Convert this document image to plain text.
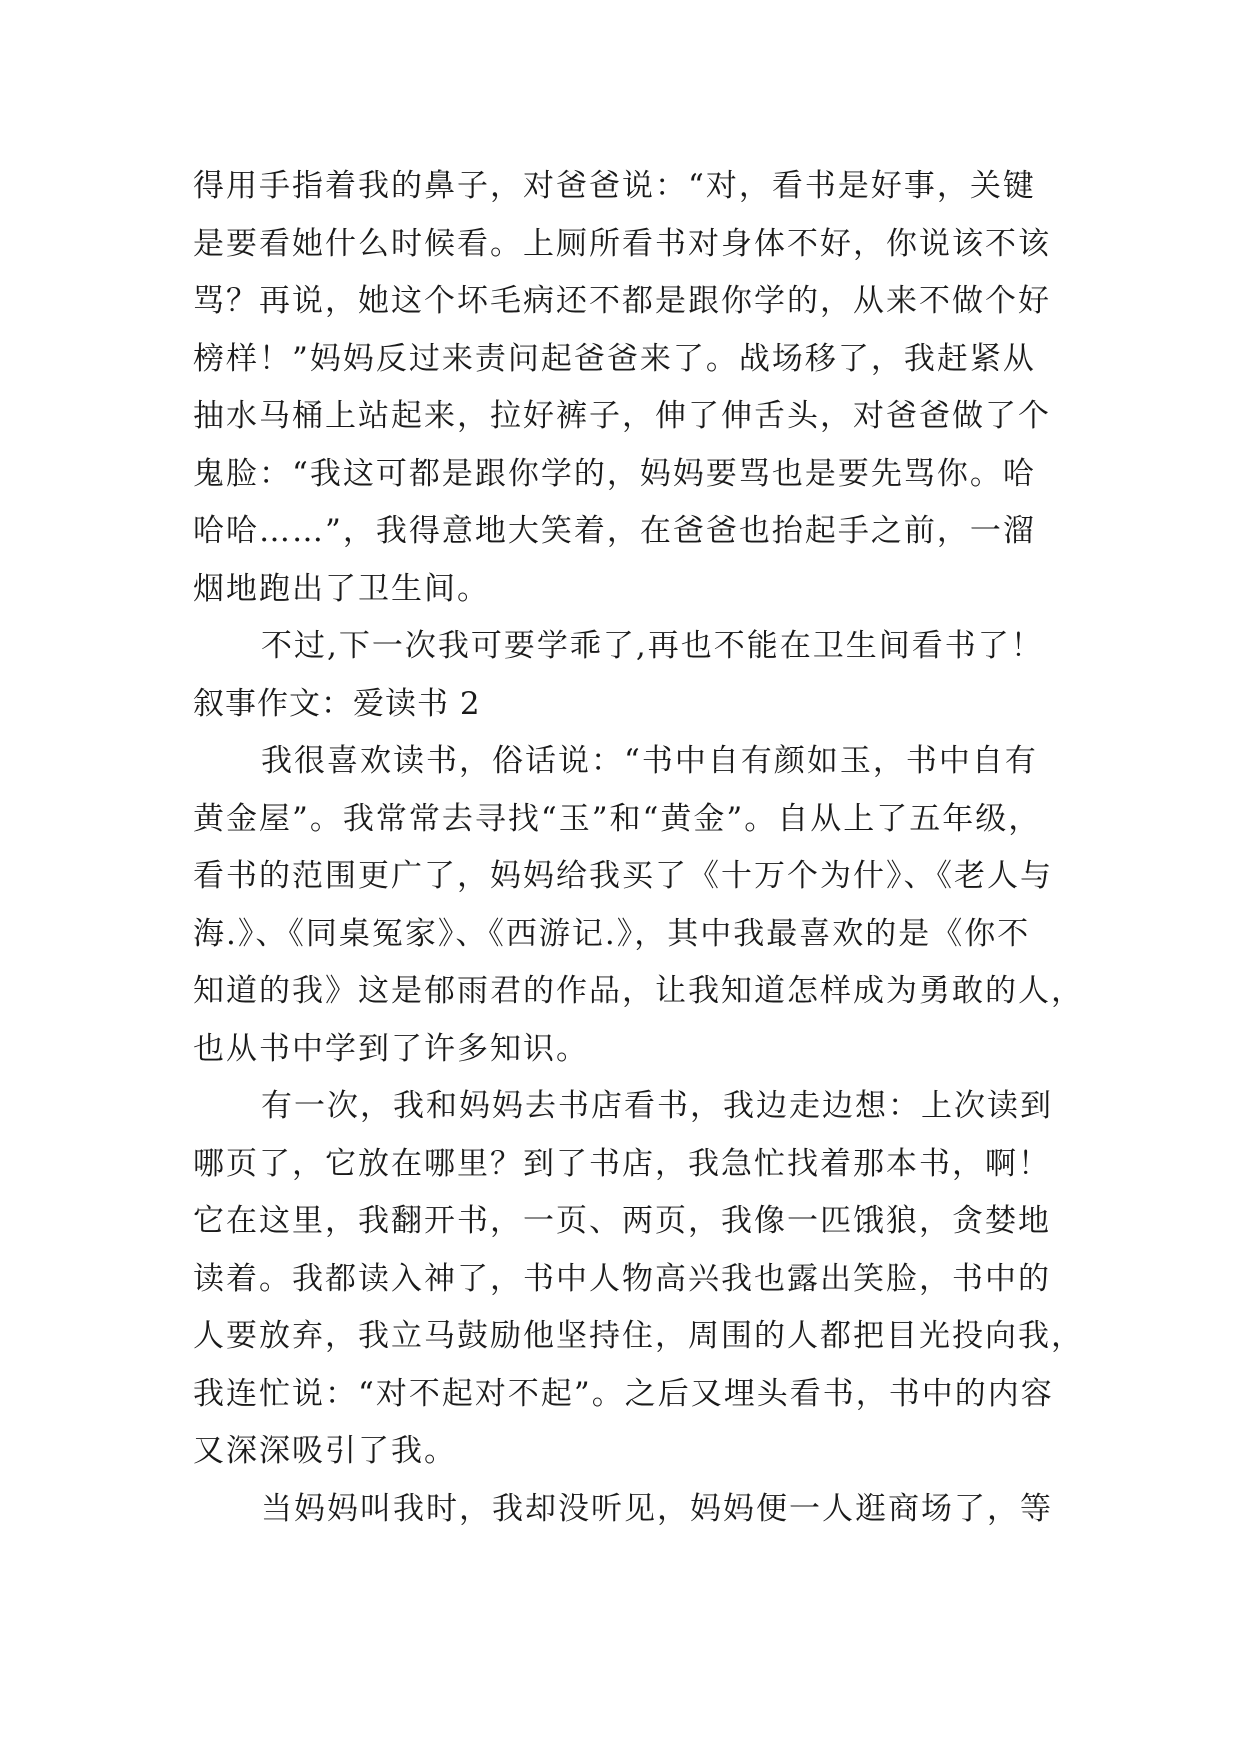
得用手指着我的鼻子，对爸爸说：“对，看书是好事，关键
是要看她什么时候看。上厕所看书对身体不好，你说该不该
骂？再说，她这个坏毛病还不都是跟你学的，从来不做个好
榜样！”妈妈反过来责问起爸爸来了。战场移了，我赶紧从
抽水马桶上站起来，拉好裤子，伸了伸舌头，对爸爸做了个
鬼脸：“我这可都是跟你学的，妈妈要骂也是要先骂你。哈
哈哈……”，我得意地大笑着，在爸爸也抬起手之前，一溜
烟地跑出了卫生间。
不过,下一次我可要学乖了,再也不能在卫生间看书了！
叙事作文：爱读书 2
我很喜欢读书，俗话说：“书中自有颜如玉，书中自有
黄金屋”。我常常去寻找“玉”和“黄金”。自从上了五年级，
看书的范围更广了，妈妈给我买了《十万个为什》、《老人与
海.》、《同桌冤家》、《西游记.》，其中我最喜欢的是《你不
知道的我》这是郁雨君的作品，让我知道怎样成为勇敢的人，
也从书中学到了许多知识。
有一次，我和妈妈去书店看书，我边走边想：上次读到
哪页了，它放在哪里？到了书店，我急忙找着那本书，啊！
它在这里，我翻开书，一页、两页，我像一匹饿狼，贪婪地
读着。我都读入神了，书中人物高兴我也露出笑脸，书中的
人要放弃，我立马鼓励他坚持住，周围的人都把目光投向我，
我连忙说：“对不起对不起”。之后又埋头看书，书中的内容
又深深吸引了我。
当妈妈叫我时，我却没听见，妈妈便一人逛商场了，等
